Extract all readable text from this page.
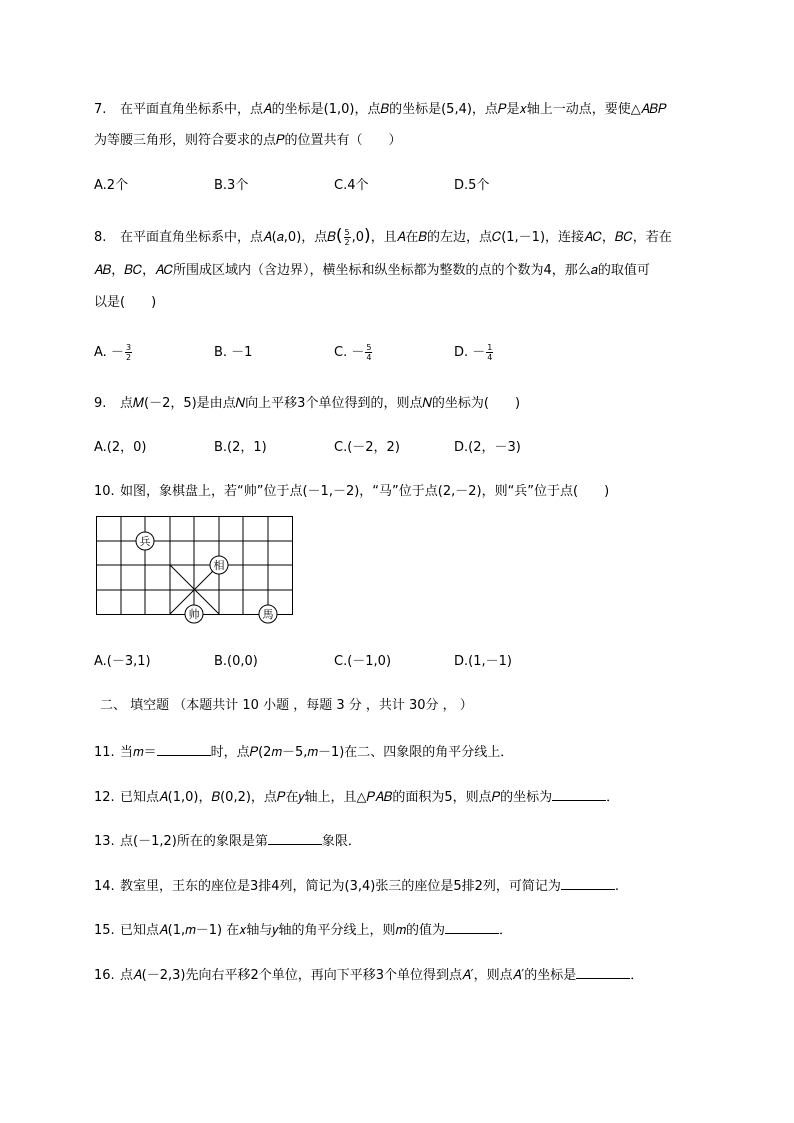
7. 在平面直角坐标系中，点𝐴的坐标是(1,0)，点𝐵的坐标是(5,4)，点𝑃是𝑥轴上一动点，要使△𝐴𝐵𝑃
为等腰三角形，则符合要求的点𝑃的位置共有（　　）
A.2个	B.3个	C.4个	D.5个
8. 在平面直角坐标系中，点𝐴(𝑎,0)，点𝐵( $\frac{5}{2} ,0$)，且𝐴在𝐵的左边，点𝐶(1,－1)，连接𝐴𝐶，𝐵𝐶，若在
𝐴𝐵，𝐵𝐶，𝐴𝐶所围成区域内（含边界），横坐标和纵坐标都为整数的点的个数为4，那么𝑎的取值可
以是(　　)
A. － $\frac{3}{2}$	B. －1	C. － $\frac{5}{4}$	D. － $\frac{1}{4}$
9. 点𝑀(－2，5)是由点𝑁向上平移3个单位得到的，则点𝑁的坐标为(　　)
A.(2，0)	B.(2，1)	C.(－2，2)	D.(2，－3)
10. 如图，象棋盘上，若“帅”位于点(－1,－2)，“马”位于点(2,－2)，则“兵”位于点(　　)
兵
相
帅	馬
A.(－3,1)	B.(0,0)	C.(－1,0)	D.(1,－1)
二、 填空题 （本题共计 10 小题 ，每题 3 分 ，共计 30分 ， ）
11. 当𝑚＝	时，点𝑃(2𝑚－5,𝑚－1)在二、四象限的角平分线上．
12. 已知点𝐴(1,0)，𝐵(0,2)，点𝑃在𝑦轴上，且△𝑃𝐴𝐵的面积为5，则点𝑃的坐标为	．
13. 点(－1,2)所在的象限是第	象限．
14. 教室里，王东的座位是3排4列，简记为(3,4)张三的座位是5排2列，可简记为	.
15. 已知点𝐴(1,𝑚－1) 在𝑥轴与𝑦轴的角平分线上，则𝑚的值为	．
16. 点𝐴(－2,3)先向右平移2个单位，再向下平移3个单位得到点𝐴′，则点𝐴′的坐标是	．
